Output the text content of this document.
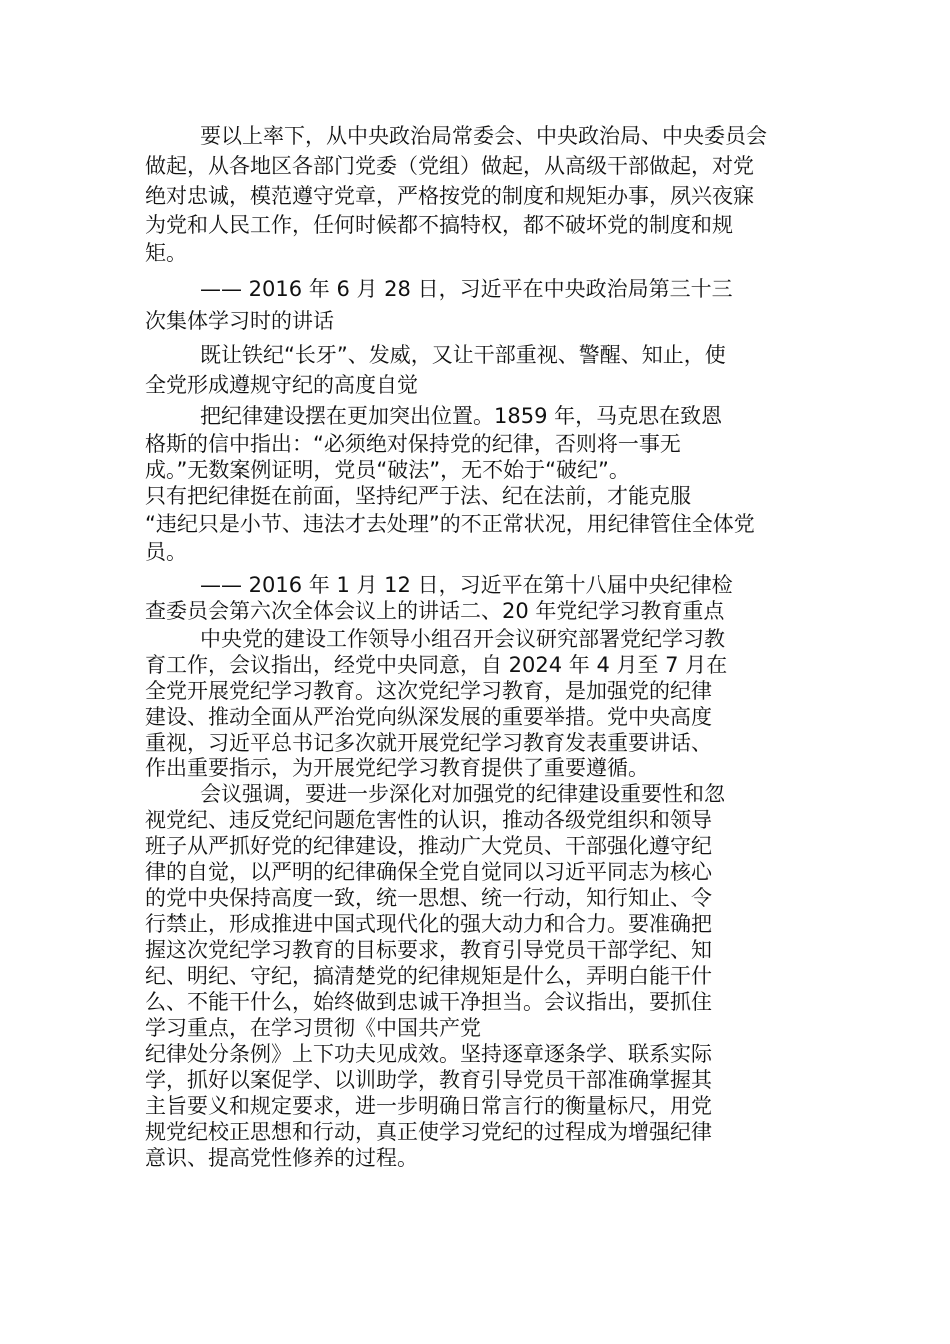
要以上率下，从中央政治局常委会、中央政治局、中央委员会
做起，从各地区各部门党委（党组）做起，从高级干部做起，对党
绝对忠诚，模范遵守党章，严格按党的制度和规矩办事，夙兴夜寐
为党和人民工作，任何时候都不搞特权，都不破坏党的制度和规
矩。
—— 2016 年 6 月 28 日，习近平在中央政治局第三十三
次集体学习时的讲话
既让铁纪“长牙”、发威，又让干部重视、警醒、知止，使
全党形成遵规守纪的高度自觉
把纪律建设摆在更加突出位置。1859 年，马克思在致恩
格斯的信中指出：“必须绝对保持党的纪律，否则将一事无
成。”无数案例证明，党员“破法”，无不始于“破纪”。
只有把纪律挺在前面，坚持纪严于法、纪在法前，才能克服
“违纪只是小节、违法才去处理”的不正常状况，用纪律管住全体党
员。
—— 2016 年 1 月 12 日，习近平在第十八届中央纪律检
查委员会第六次全体会议上的讲话二、20 年党纪学习教育重点
中央党的建设工作领导小组召开会议研究部署党纪学习教
育工作，会议指出，经党中央同意，自 2024 年 4 月至 7 月在
全党开展党纪学习教育。这次党纪学习教育，是加强党的纪律
建设、推动全面从严治党向纵深发展的重要举措。党中央高度
重视，习近平总书记多次就开展党纪学习教育发表重要讲话、
作出重要指示，为开展党纪学习教育提供了重要遵循。
会议强调，要进一步深化对加强党的纪律建设重要性和忽
视党纪、违反党纪问题危害性的认识，推动各级党组织和领导
班子从严抓好党的纪律建设，推动广大党员、干部强化遵守纪
律的自觉，以严明的纪律确保全党自觉同以习近平同志为核心
的党中央保持高度一致，统一思想、统一行动，知行知止、令
行禁止，形成推进中国式现代化的强大动力和合力。要准确把
握这次党纪学习教育的目标要求，教育引导党员干部学纪、知
纪、明纪、守纪，搞清楚党的纪律规矩是什么，弄明白能干什
么、不能干什么，始终做到忠诚干净担当。会议指出，要抓住
学习重点，在学习贯彻《中国共产党
纪律处分条例》上下功夫见成效。坚持逐章逐条学、联系实际
学，抓好以案促学、以训助学，教育引导党员干部准确掌握其
主旨要义和规定要求，进一步明确日常言行的衡量标尺，用党
规党纪校正思想和行动，真正使学习党纪的过程成为增强纪律
意识、提高党性修养的过程。
